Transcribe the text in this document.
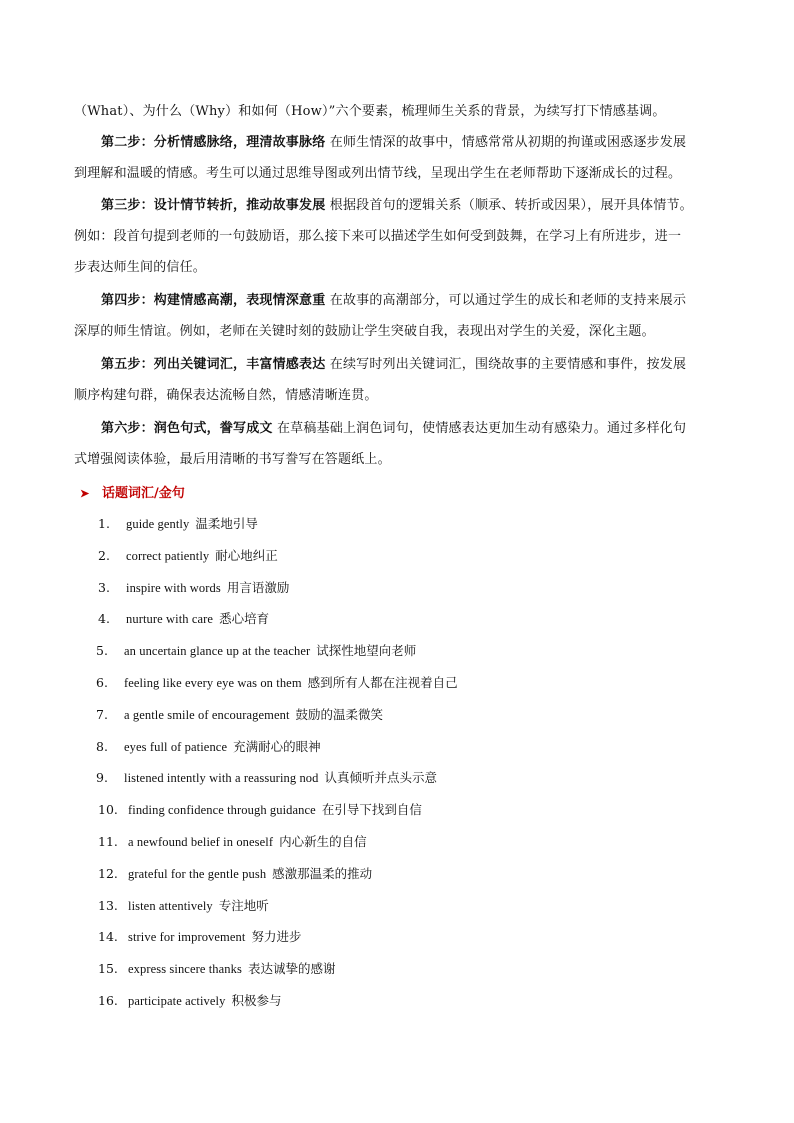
（What）、为什么（Why）和如何（How）”六个要素，梳理师生关系的背景，为续写打下情感基调。
第二步：分析情感脉络，理清故事脉络 在师生情深的故事中，情感常常从初期的拘谨或困惑逐步发展
到理解和温暖的情感。考生可以通过思维导图或列出情节线，呈现出学生在老师帮助下逐渐成长的过程。
第三步：设计情节转折，推动故事发展 根据段首句的逻辑关系（顺承、转折或因果），展开具体情节。
例如：段首句提到老师的一句鼓励语，那么接下来可以描述学生如何受到鼓舞，在学习上有所进步，进一
步表达师生间的信任。
第四步：构建情感高潮，表现情深意重 在故事的高潮部分，可以通过学生的成长和老师的支持来展示
深厚的师生情谊。例如，老师在关键时刻的鼓励让学生突破自我，表现出对学生的关爱，深化主题。
第五步：列出关键词汇，丰富情感表达 在续写时列出关键词汇，围绕故事的主要情感和事件，按发展
顺序构建句群，确保表达流畅自然，情感清晰连贯。
第六步：润色句式，誊写成文 在草稿基础上润色词句，使情感表达更加生动有感染力。通过多样化句
式增强阅读体验，最后用清晰的书写誊写在答题纸上。
➤ 话题词汇/金句
1. guide gently 温柔地引导
2. correct patiently 耐心地纠正
3. inspire with words 用言语激励
4. nurture with care 悉心培育
5. an uncertain glance up at the teacher 试探性地望向老师
6. feeling like every eye was on them 感到所有人都在注视着自己
7. a gentle smile of encouragement 鼓励的温柔微笑
8. eyes full of patience 充满耐心的眼神
9. listened intently with a reassuring nod 认真倾听并点头示意
10. finding confidence through guidance 在引导下找到自信
11. a newfound belief in oneself 内心新生的自信
12. grateful for the gentle push 感激那温柔的推动
13. listen attentively 专注地听
14. strive for improvement 努力进步
15. express sincere thanks 表达诚挚的感谢
16. participate actively 积极参与
